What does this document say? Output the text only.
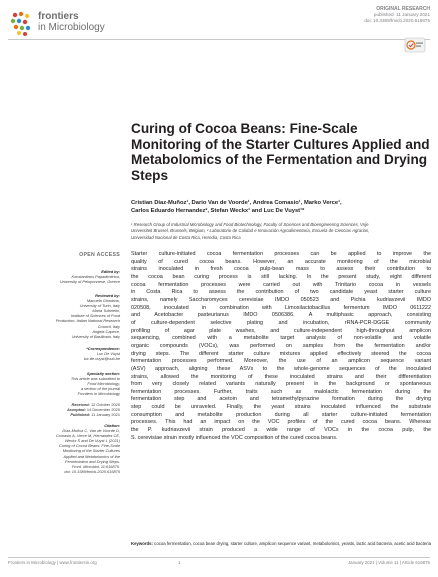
frontiers
in Microbiology
ORIGINAL RESEARCH
published: 11 January 2021
doi: 10.3389/fmicb.2020.616875
Curing of Cocoa Beans: Fine-Scale Monitoring of the Starter Cultures Applied and Metabolomics of the Fermentation and Drying Steps
Cristian Díaz-Muñoz¹, Dario Van de Voorde¹, Andrea Comasio¹, Marko Verce¹,
Carlos Eduardo Hernandez², Stefan Weckx¹ and Luc De Vuyst¹*
¹ Research Group of Industrial Microbiology and Food Biotechnology, Faculty of Sciences and Bioengineering Sciences, Vrije
Universiteit Brussel, Brussels, Belgium, ² Laboratorio de Calidad e Innovación Agroalimentaria, Escuela de Ciencias Agrarias,
Universidad Nacional de Costa Rica, Heredia, Costa Rica
OPEN ACCESS
Edited by:
Konstantinos Papadimitriou,
University of Peloponnese, Greece
Reviewed by:
Manuela Giordano,
University of Turin, Italy
Maria Tufariello,
Institute of Sciences of Food
Production, Italian National Research
Council, Italy
Angela Capece,
University of Basilicata, Italy
*Correspondence:
Luc De Vuyst
luc.de.vuyst@vub.be
Specialty section:
This article was submitted to
Food Microbiology,
a section of the journal
Frontiers in Microbiology
Received: 12 October 2020
Accepted: 14 December 2020
Published: 11 January 2021
Citation:
Díaz-Muñoz C, Van de Voorde D,
Comasio A, Verce M, Hernandez CE,
Weckx S and De Vuyst L (2021)
Curing of Cocoa Beans: Fine-Scale
Monitoring of the Starter Cultures
Applied and Metabolomics of the
Fermentation and Drying Steps.
Front. Microbiol. 11:616875.
doi: 10.3389/fmicb.2020.616875
Starter culture-initiated cocoa fermentation processes can be applied to improve the
quality of cured cocoa beans. However, an accurate monitoring of the microbial
strains inoculated in fresh cocoa pulp-bean mass to assess their contribution to
the cocoa bean curing process is still lacking. In the present study, eight different
cocoa fermentation processes were carried out with Trinitario cocoa in vessels
in Costa Rica to assess the contribution of two candidate yeast starter culture
strains, namely Saccharomyces cerevisiae IMDO 050523 and Pichia kudriavzevii IMDO
020508, inoculated in combination with Limosilactobacillus fermentum IMDO 0611222
and Acetobacter pasteurianus IMDO 0506386. A multiphasic approach, consisting
of culture-dependent selective plating and incubation, rRNA-PCR-DGGE community
profiling of agar plate washes, and culture-independent high-throughput amplicon
sequencing, combined with a metabolite target analysis of non-volatile and volatile
organic compounds (VOCs), was performed on samples from the fermentation and/or
drying steps. The different starter culture mixtures applied effectively steered the cocoa
fermentation processes performed. Moreover, the use of an amplicon sequence variant
(ASV) approach, aligning these ASVs to the whole-genome sequences of the inoculated
strains, allowed the monitoring of these inoculated strains and their differentiation
from very closely related variants naturally present in the background or spontaneous
fermentation processes. Further, traits such as malolactic fermentation during the
fermentation step and acetoin and tetramethylpyrazine formation during the drying
step could be unraveled. Finally, the yeast strains inoculated influenced the substrate
consumption and metabolite production during all starter culture-initiated fermentation
processes. This had an impact on the VOC profiles of the cured cocoa beans. Whereas
the P. kudriavzevii strain produced a wide range of VOCs in the cocoa pulp, the
S. cerevisiae strain mostly influenced the VOC composition of the cured cocoa beans.
Keywords: cocoa fermentation, cocoa bean drying, starter culture, amplicon sequence variant, metabolomics, yeasts, lactic acid bacteria, acetic acid bacteria
Frontiers in Microbiology | www.frontiersin.org	1	January 2021 | Volume 11 | Article 616875
